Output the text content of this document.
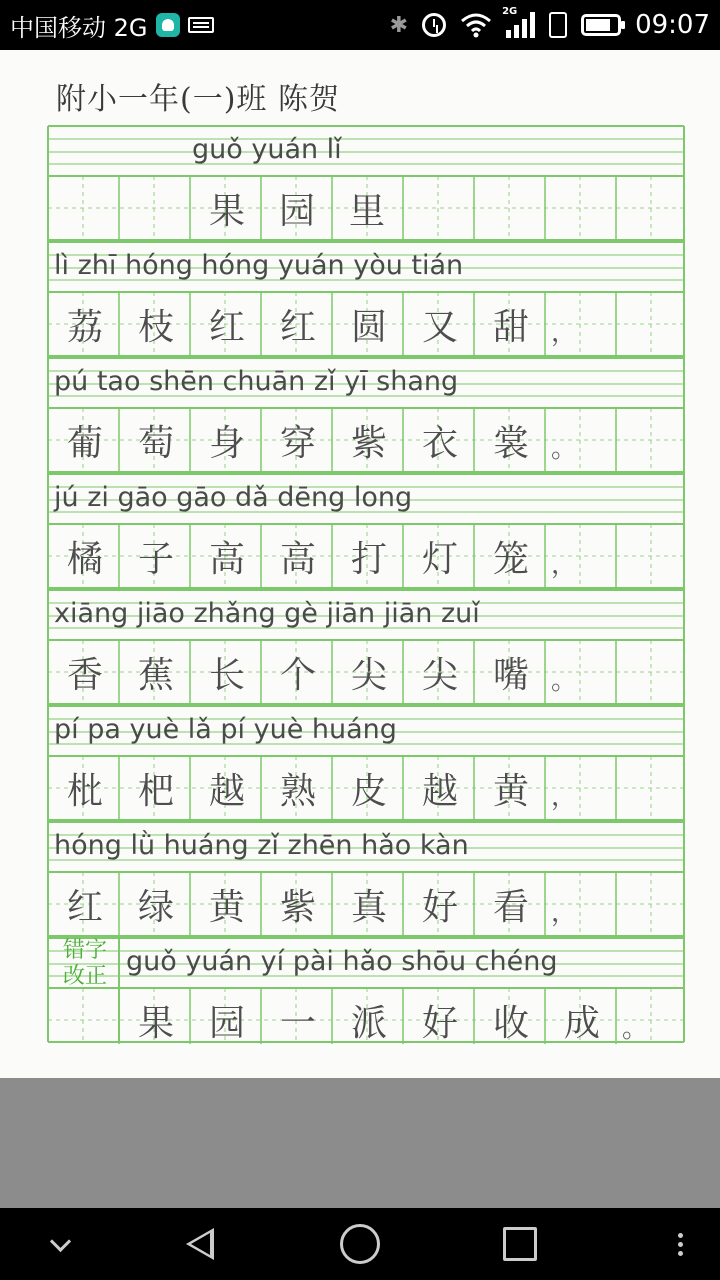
中国移动 2G	✱
2G	09:07
附小一年(一)班 陈贺
guǒ yuán lǐ
果 园 里
lì zhī hóng hóng yuán yòu tián
荔 枝 红 红 圆 又 甜 ，
pú tao shēn chuān zǐ yī shang
葡 萄 身 穿 紫 衣 裳 。
jú zi gāo gāo dǎ dēng long
橘 子 高 高 打 灯 笼 ，
xiāng jiāo zhǎng gè jiān jiān zuǐ
香 蕉 长 个 尖 尖 嘴 。
pí pa yuè lǎ pí yuè huáng
枇 杷 越 熟 皮 越 黄 ，
hóng lǜ huáng zǐ zhēn hǎo kàn
红 绿 黄 紫 真 好 看 ，
guǒ yuán yí pài hǎo shōu chéng
果 园 一 派 好 收 成 。
错字改正
